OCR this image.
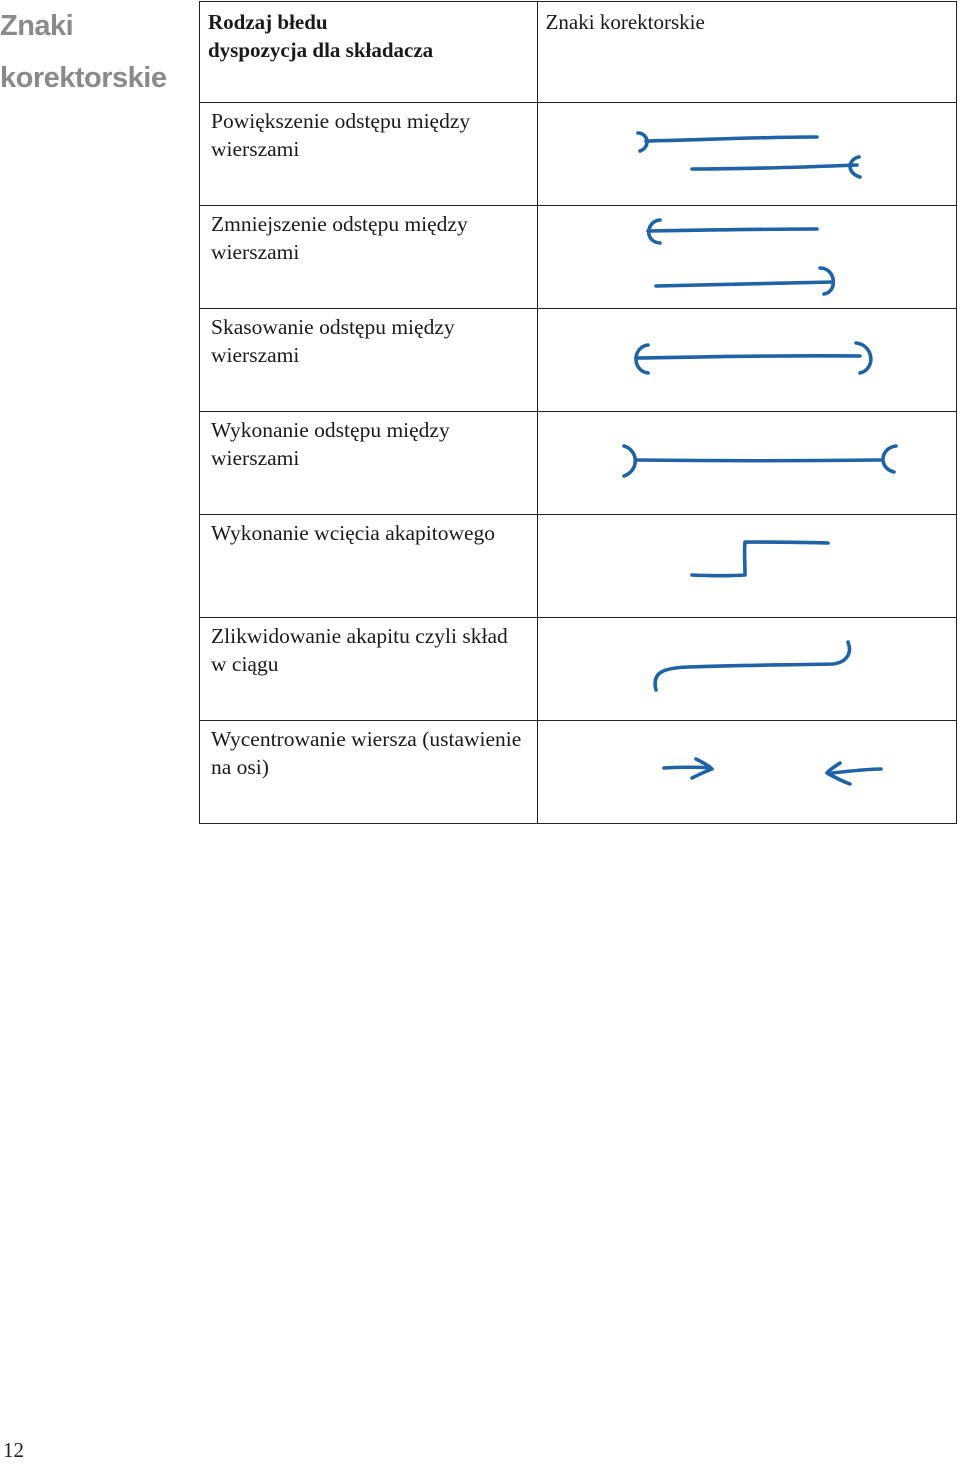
Znaki
korektorskie
Rodzaj błedu
dyspozycja dla składacza	Znaki korektorskie

Powiększenie odstępu między wierszami	

Zmniejszenie odstępu między wierszami	

Skasowanie odstępu między wierszami	

Wykonanie odstępu między wierszami	

Wykonanie wcięcia akapitowego	

Zlikwidowanie akapitu czyli skład w ciągu	

Wycentrowanie wiersza (ustawienie na osi)	
12
